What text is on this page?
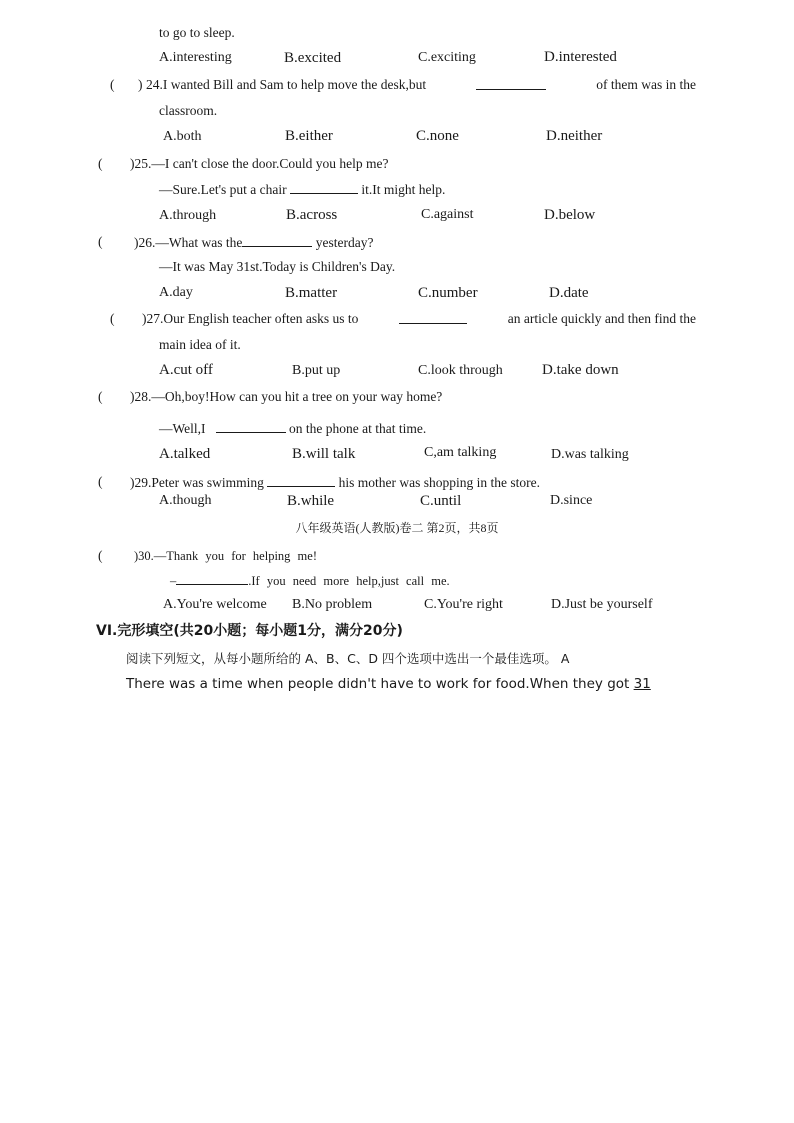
to go to sleep.
A.interesting	B.excited	C.exciting	D.interested
( ) 24.I wanted Bill and Sam to help move the desk,but	of them was in the
classroom.
A.both	B.either	C.none	D.neither
( )25.—I can't close the door.Could you help me?
—Sure.Let's put a chair	it.It might help.
A.through	B.across	C.against	D.below
( )26.—What was the	yesterday?
—It was May 31st.Today is Children's Day.
A.day	B.matter	C.number	D.date
( )27.Our English teacher often asks us to	an article quickly and then find the
main idea of it.
A.cut off	B.put up	C.look through	D.take down
( )28.—Oh,boy!How can you hit a tree on your way home?
—Well,I	on the phone at that time.
A.talked	B.will talk	C,am talking	D.was talking
( )29.Peter was swimming	his mother was shopping in the store.
A.though	B.while	C.until	D.since
八年级英语(人教版)卷二 第2页，共8页
(	)30.—Thank you for helping me!
–	.If you need more help,just call me.
A.You're welcome B.No problem	C.You're right	D.Just be yourself
VI.完形填空(共20小题；每小题1分，满分20分)
阅读下列短文，从每小题所给的 A、B、C、D 四个选项中选出一个最佳选项。 A
There was a time when people didn't have to work for food.When they got 31
